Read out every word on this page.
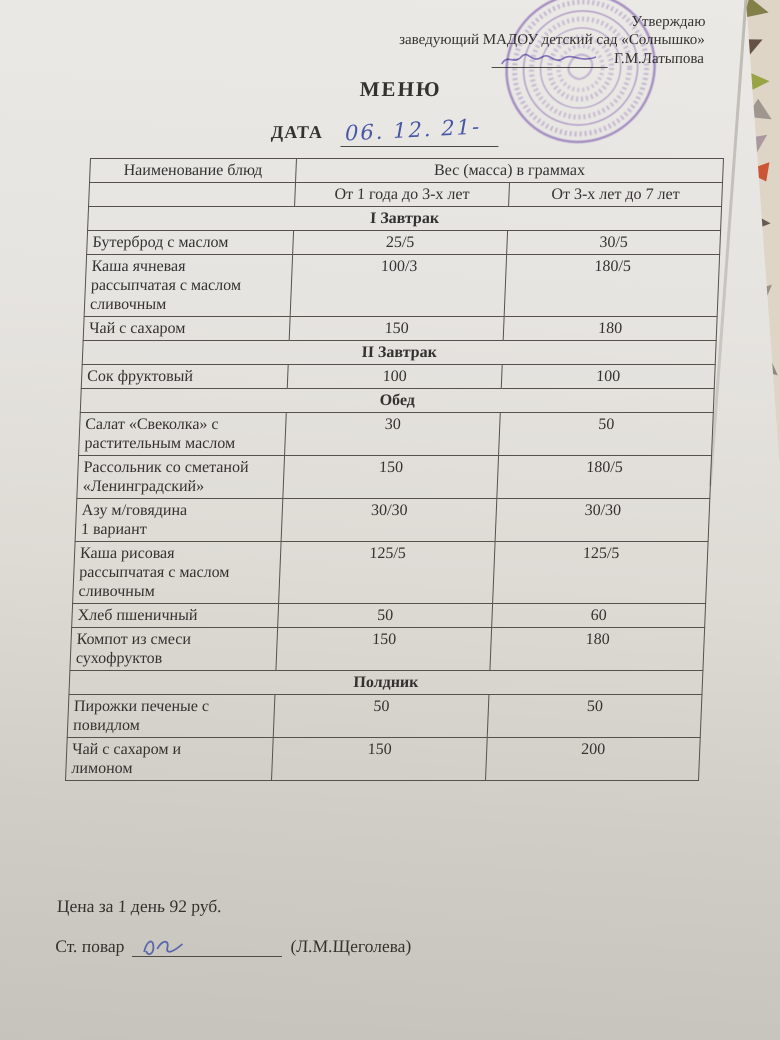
Утверждаю
заведующий МАДОУ детский сад «Солнышко»
Г.М.Латыпова
МЕНЮ
ДАТА 06. 12. 21-
Наименование блюд	Вес (масса) в граммах	
	От 1 года до 3-х лет	От 3-х лет до 7 лет
I Завтрак		
Бутерброд с маслом	25/5	30/5
Каша ячневая
рассыпчатая с маслом
сливочным	100/3	180/5
Чай с сахаром	150	180
II Завтрак		
Сок фруктовый	100	100
Обед		
Салат «Свеколка» с
растительным маслом	30	50
Рассольник со сметаной
«Ленинградский»	150	180/5
Азу м/говядина
1 вариант	30/30	30/30
Каша рисовая
рассыпчатая с маслом
сливочным	125/5	125/5
Хлеб пшеничный	50	60
Компот из смеси
сухофруктов	150	180
Полдник		
Пирожки печеные с
повидлом	50	50
Чай с сахаром и
лимоном	150	200
Цена за 1 день 92 руб.
Ст. повар	(Л.М.Щеголева)
